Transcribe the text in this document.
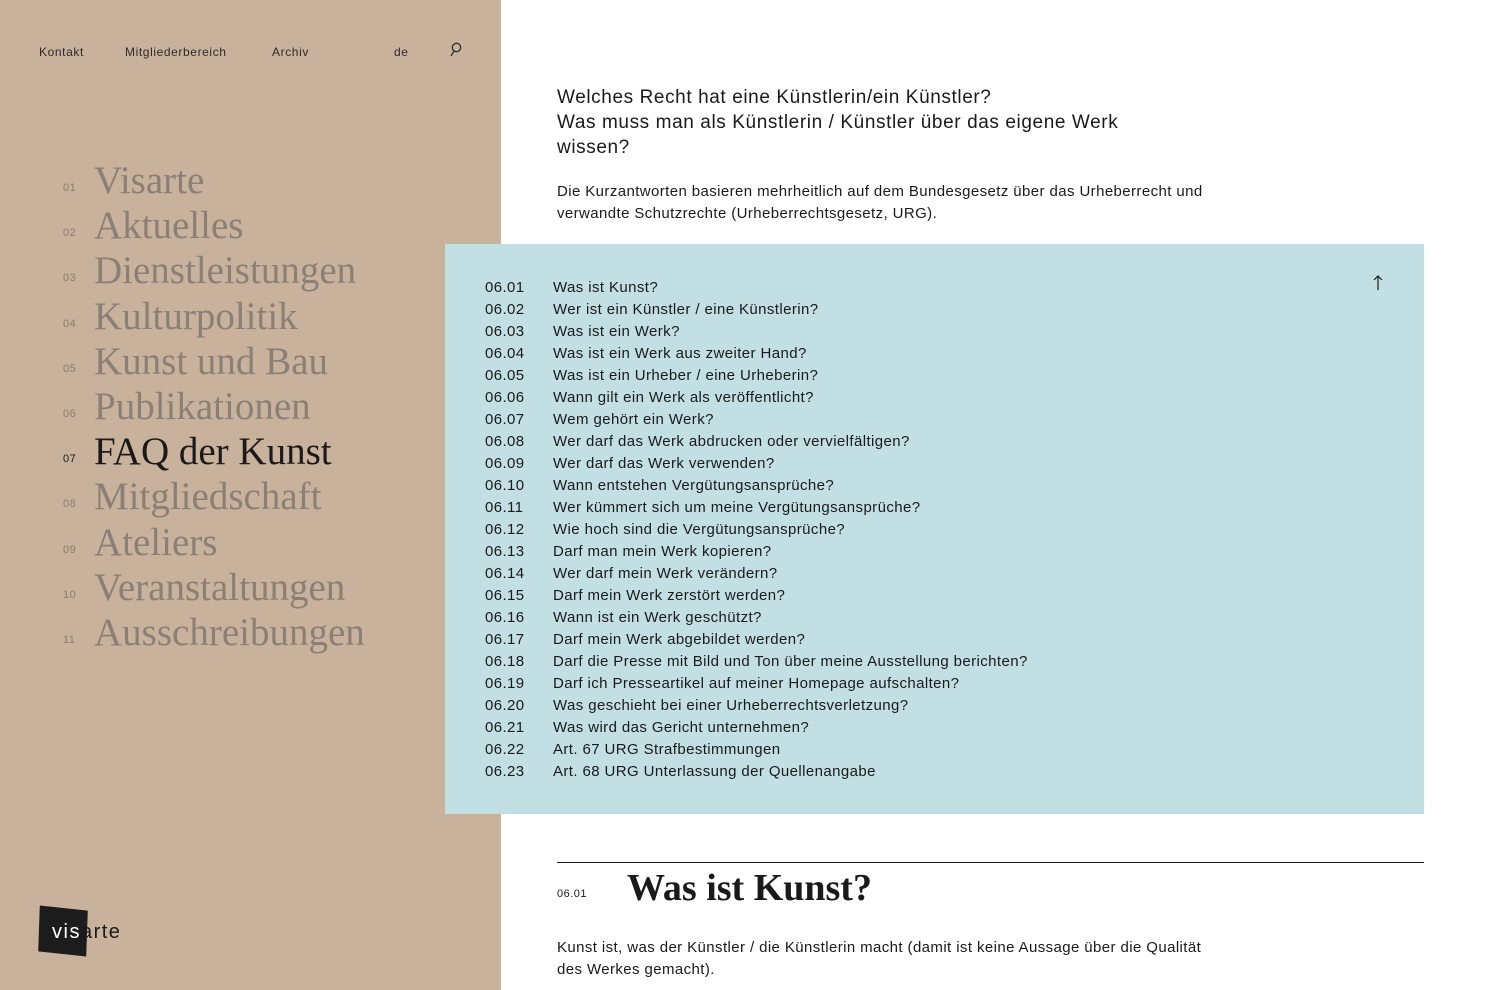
Kontakt	Mitgliederbereich	Archiv	de
01 Visarte
02 Aktuelles
03 Dienstleistungen
04 Kulturpolitik
05 Kunst und Bau
06 Publikationen
07 FAQ der Kunst
08 Mitgliedschaft
09 Ateliers
10 Veranstaltungen
11 Ausschreibungen
visarte
Welches Recht hat eine Künstlerin/ein Künstler?
Was muss man als Künstlerin / Künstler über das eigene Werk wissen?
Die Kurzantworten basieren mehrheitlich auf dem Bundesgesetz über das Urheberrecht und verwandte Schutzrechte (Urheberrechtsgesetz, URG).
06.01 Was ist Kunst?
06.02 Wer ist ein Künstler / eine Künstlerin?
06.03 Was ist ein Werk?
06.04 Was ist ein Werk aus zweiter Hand?
06.05 Was ist ein Urheber / eine Urheberin?
06.06 Wann gilt ein Werk als veröffentlicht?
06.07 Wem gehört ein Werk?
06.08 Wer darf das Werk abdrucken oder vervielfältigen?
06.09 Wer darf das Werk verwenden?
06.10 Wann entstehen Vergütungsansprüche?
06.11 Wer kümmert sich um meine Vergütungsansprüche?
06.12 Wie hoch sind die Vergütungsansprüche?
06.13 Darf man mein Werk kopieren?
06.14 Wer darf mein Werk verändern?
06.15 Darf mein Werk zerstört werden?
06.16 Wann ist ein Werk geschützt?
06.17 Darf mein Werk abgebildet werden?
06.18 Darf die Presse mit Bild und Ton über meine Ausstellung berichten?
06.19 Darf ich Presseartikel auf meiner Homepage aufschalten?
06.20 Was geschieht bei einer Urheberrechtsverletzung?
06.21 Was wird das Gericht unternehmen?
06.22 Art. 67 URG Strafbestimmungen
06.23 Art. 68 URG Unterlassung der Quellenangabe
06.01 Was ist Kunst?

Kunst ist, was der Künstler / die Künstlerin macht (damit ist keine Aussage über die Qualität des Werkes gemacht).
